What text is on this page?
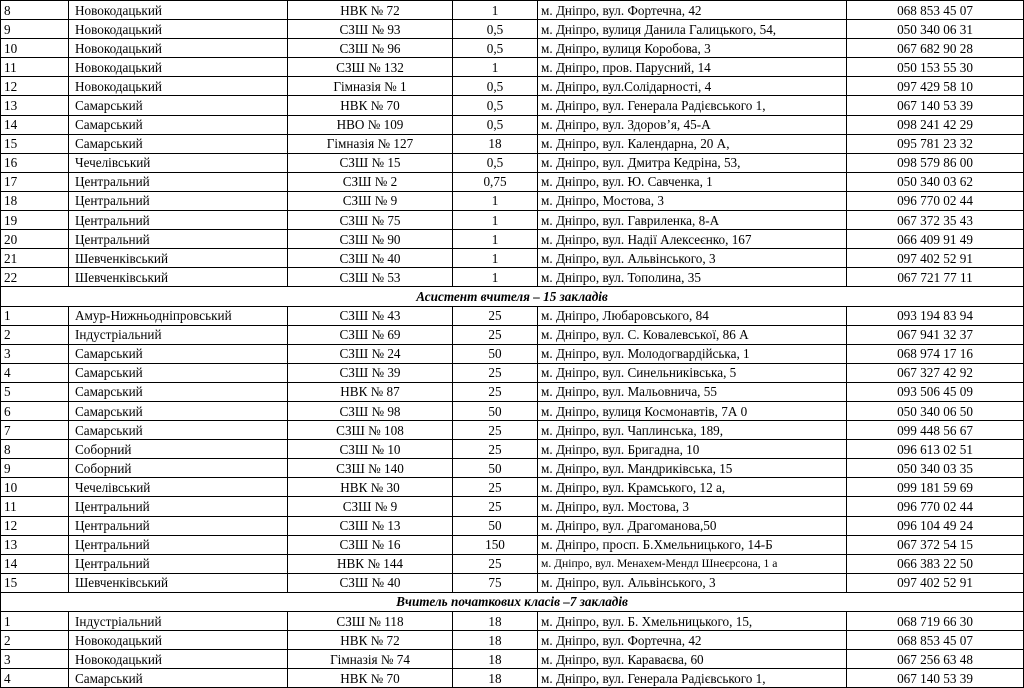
8	Новокодацький	НВК № 72	1	м. Дніпро, вул. Фортечна, 42	068 853 45 07
9	Новокодацький	СЗШ № 93	0,5	м. Дніпро, вулиця Данила Галицького, 54,	050 340 06 31
10	Новокодацький	СЗШ № 96	0,5	м. Дніпро, вулиця Коробова, 3	067 682 90 28
11	Новокодацький	СЗШ № 132	1	м. Дніпро, пров. Парусний, 14	050 153 55 30
12	Новокодацький	Гімназія № 1	0,5	м. Дніпро, вул.Солідарності, 4	097 429 58 10
13	Самарський	НВК № 70	0,5	м. Дніпро, вул. Генерала Радієвського 1,	067 140 53 39
14	Самарський	НВО № 109	0,5	м. Дніпро, вул. Здоров’я, 45-А	098 241 42 29
15	Самарський	Гімназія № 127	18	м. Дніпро, вул. Календарна, 20 А,	095 781 23 32
16	Чечелівський	СЗШ № 15	0,5	м. Дніпро, вул. Дмитра Кедріна, 53,	098 579 86 00
17	Центральний	СЗШ № 2	0,75	м. Дніпро, вул. Ю. Савченка, 1	050 340 03 62
18	Центральний	СЗШ № 9	1	м. Дніпро, Мостова, 3	096 770 02 44
19	Центральний	СЗШ № 75	1	м. Дніпро, вул. Гавриленка, 8-А	067 372 35 43
20	Центральний	СЗШ № 90	1	м. Дніпро, вул. Надії Алексеєнко, 167	066 409 91 49
21	Шевченківський	СЗШ № 40	1	м. Дніпро, вул. Альвінського, 3	097 402 52 91
22	Шевченківський	СЗШ № 53	1	м. Дніпро, вул. Тополина, 35	067 721 77 11
Асистент вчителя – 15 закладів					
1	Амур-Нижньодніпровський	СЗШ № 43	25	м. Дніпро, Любаровського, 84	093 194 83 94
2	Індустріальний	СЗШ № 69	25	м. Дніпро, вул. С. Ковалевської, 86 А	067 941 32 37
3	Самарський	СЗШ № 24	50	м. Дніпро, вул. Молодогвардійська, 1	068 974 17 16
4	Самарський	СЗШ № 39	25	м. Дніпро, вул. Синельниківська, 5	067 327 42 92
5	Самарський	НВК № 87	25	м. Дніпро, вул. Мальовнича, 55	093 506 45 09
6	Самарський	СЗШ № 98	50	м. Дніпро, вулиця Космонавтів, 7А 0	050 340 06 50
7	Самарський	СЗШ № 108	25	м. Дніпро, вул. Чаплинська, 189,	099 448 56 67
8	Соборний	СЗШ № 10	25	м. Дніпро, вул. Бригадна, 10	096 613 02 51
9	Соборний	СЗШ № 140	50	м. Дніпро, вул. Мандриківська, 15	050 340 03 35
10	Чечелівський	НВК № 30	25	м. Дніпро, вул. Крамського, 12 а,	099 181 59 69
11	Центральний	СЗШ № 9	25	м. Дніпро, вул. Мостова, 3	096 770 02 44
12	Центральний	СЗШ № 13	50	м. Дніпро, вул. Драгоманова,50	096 104 49 24
13	Центральний	СЗШ № 16	150	м. Дніпро, просп. Б.Хмельницького, 14-Б	067 372 54 15
14	Центральний	НВК № 144	25	м. Дніпро, вул. Менахем-Мендл Шнеєрсона, 1 а	066 383 22 50
15	Шевченківський	СЗШ № 40	75	м. Дніпро, вул. Альвінського, 3	097 402 52 91
Вчитель початкових класів –7 закладів					
1	Індустріальний	СЗШ № 118	18	м. Дніпро, вул. Б. Хмельницького, 15,	068 719 66 30
2	Новокодацький	НВК № 72	18	м. Дніпро, вул. Фортечна, 42	068 853 45 07
3	Новокодацький	Гімназія № 74	18	м. Дніпро, вул. Караваєва, 60	067 256 63 48
4	Самарський	НВК № 70	18	м. Дніпро, вул. Генерала Радієвського 1,	067 140 53 39
